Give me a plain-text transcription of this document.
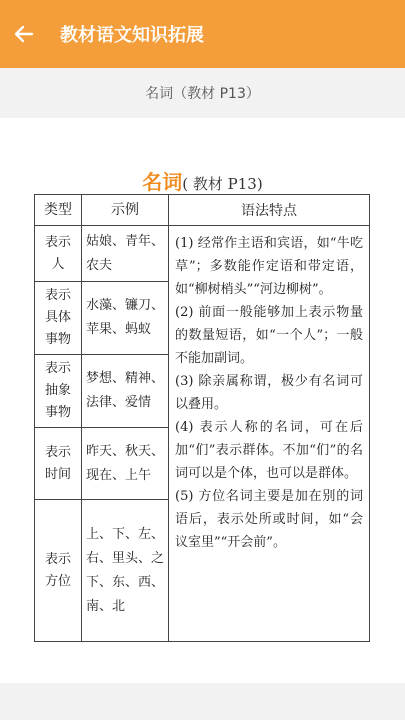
教材语文知识拓展
名词（教材 P13）
名词( 教材 P13)
类型	示例	语法特点
表示人	姑娘、青年、农夫	(1) 经常作主语和宾语，如“牛吃草”；多数能作定语和带定语，如“柳树梢头”“河边柳树”。
(2) 前面一般能够加上表示物量的数量短语，如“一个人”；一般不能加副词。
(3) 除亲属称谓，极少有名词可以叠用。
(4) 表示人称的名词，可在后加“们”表示群体。不加“们”的名词可以是个体，也可以是群体。
(5) 方位名词主要是加在别的词语后，表示处所或时间，如“会议室里”“开会前”。

表示具体事物	水藻、镰刀、苹果、蚂蚁	
表示抽象事物	梦想、精神、法律、爱情	
表示时间	昨天、秋天、现在、上午	
表示方位	上、下、左、右、里头、之下、东、西、南、北	
